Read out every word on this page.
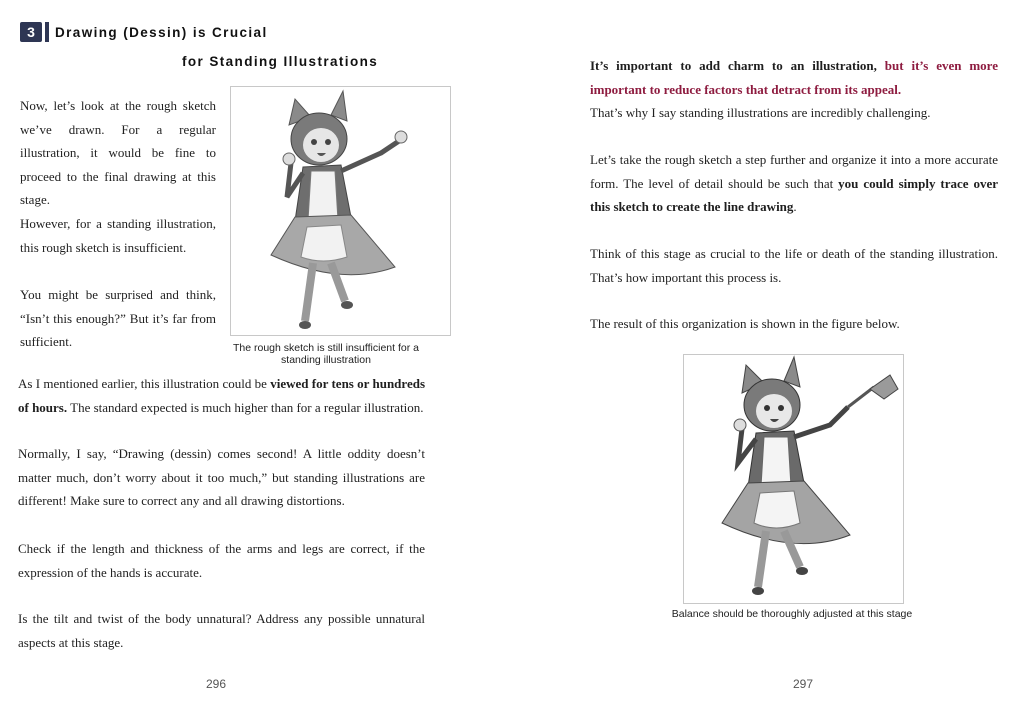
3	Drawing (Dessin) is Crucial
for Standing Illustrations

Now, let’s look at the rough sketch we’ve drawn. For a regular illustration, it would be fine to proceed to the final drawing at this stage.

However, for a standing illustration, this rough sketch is insufficient.

You might be surprised and think, “Isn’t this enough?” But it’s far from sufficient.	The rough sketch is still insufficient for a
standing illustration

As I mentioned earlier, this illustration could be viewed for tens or hundreds of hours. The standard expected is much higher than for a regular illustration.

Normally, I say, “Drawing (dessin) comes second! A little oddity doesn’t matter much, don’t worry about it too much,” but standing illustrations are different! Make sure to correct any and all drawing distortions.

Check if the length and thickness of the arms and legs are correct, if the expression of the hands is accurate.

Is the tilt and twist of the body unnatural? Address any possible unnatural aspects at this stage.

296

It’s important to add charm to an illustration, but it’s even more important to reduce factors that detract from its appeal.
That’s why I say standing illustrations are incredibly challenging.

Let’s take the rough sketch a step further and organize it into a more accurate form. The level of detail should be such that you could simply trace over this sketch to create the line drawing.

Think of this stage as crucial to the life or death of the standing illustration. That’s how important this process is.

The result of this organization is shown in the figure below.

Balance should be thoroughly adjusted at this stage
297
